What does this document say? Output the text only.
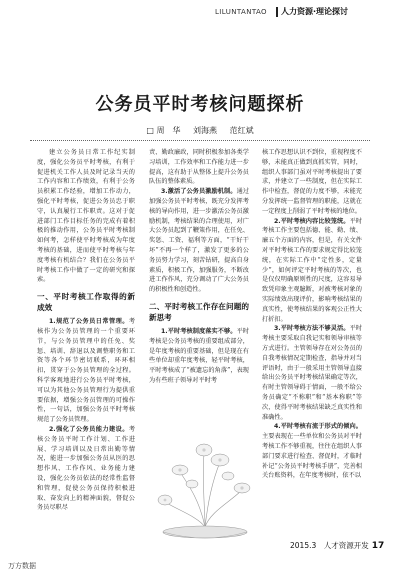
LILUNTANTAO 人力资源·理论探讨
公务员平时考核问题探析
□ 周　华 刘海燕 范红斌

建立公务员日常工作纪实制度，强化公务员平时考核，有利于促进机关工作人员及时记录当天的工作内容和工作绩效，有利于公务员积累工作经验，增加工作动力，强化平时考核，促进公务员忠于职守，认真履行工作职责。这对于促进部门工作目标任务的完成有着积极的推动作用，公务员平时考核制如何考，怎样使平时考核成为年度考核的基础，进而使平时考核与年度考核有机结合？我们在公务员平时考核工作中做了一定的研究和探索。

一、平时考核工作取得的新成效

1.规范了公务员日常管理。考核作为公务员管理的一个重要环节，与公务员管理中的任免、奖惩、培训、辞退以及调整职务和工资等各个环节密切联系，环环相扣，贯穿于公务员管理的全过程。科学客观地进行公务员平时考核，可以为其他公务员管理行为提供重要依据，增强公务员管理的可操作性，一句话，加强公务员平时考核规范了公务员管理。

2.强化了公务员能力建设。考核公务员平时工作计划、工作进展、学习培训以及日常出勤等情况，能进一步加强公务员从医的思想作风、工作作风、业务能力建设，强化公务员依法的经常性监督和管理，促使公务员保持积极进取、奋发向上的精神面貌，督促公务员尽职尽

责、勤政廉政，同时积极参加各类学习培训，工作效率和工作能力进一步提高，这有助于从整体上提升公务员队伍的整体素质。

3.激活了公务员激励机制。通过加强公务员平时考核，既充分发挥考核的导向作用，进一步激活公务员激励机制，考核结果的合理使用，对广大公务员起到了鞭策作用，在任免、奖惩、工资、福利等方面，“干好干坏”不再一个样了，激发了更多的公务员努力学习，刻苦钻研，提高自身素质，积极工作，加强服务，不断改进工作作风，充分调动了广大公务员的积极性和创造性。

二、平时考核工作存在问题的新思考

1.平时考核制度落实不够。平时考核是公务员考核的重要组成部分，是年度考核的重要基础，但是现在有些单位却重年度考核，轻平时考核，平时考核成了“被遗忘的角落”，表现为有些班子领导对平时考

核工作思想认识不到位，重视程度不够，未能真正做到真抓实管，同时，组织人事部门虽对平时考核提出了要求，并建立了一些制度，但在实际工作中检查，督促的力度不够，未能充分发挥统一监督管理的职能，这就在一定程度上削弱了平时考核的地位。

2.平时考核内容比较笼统。平时考核工作主要包括德、能、勤、绩、廉五个方面的内容，但是，有关文件对平时考核工作的要求规定得比较笼统，在实际工作中“定性多，定量少”，如何评定平时考核的等次，也是仅仅明确原则性的尺度，这容易导致凭印象主观臆断，对被考核对象的实际绩效出现评价，影响考核结果的真实性，使考核结果的客观公正性大打折扣。

3.平时考核方法不够灵活。平时考核主要采取自我记实和领导审核等方式进行。主管领导存在对公务员的自我考核情况定期检查，指导并对当评语时，由于一般采用主管领导直接给出公务员平时考核结果确定等次，有时主管领导碍于情面，一般不给公务员确定“不称职”和“基本称职”等次，使得平时考核结果缺乏真实性和准确性。

4.平时考核有流于形式的倾向。主要表现在一些单位和公务员对平时考核工作不够重视，往往在组织人事部门要求进行检查、督促时，才临时补记“公务员平时考核手册”，完善相关台账资料，在年度考核时，依不以

万方数据
2015.3　人才资源开发 17
